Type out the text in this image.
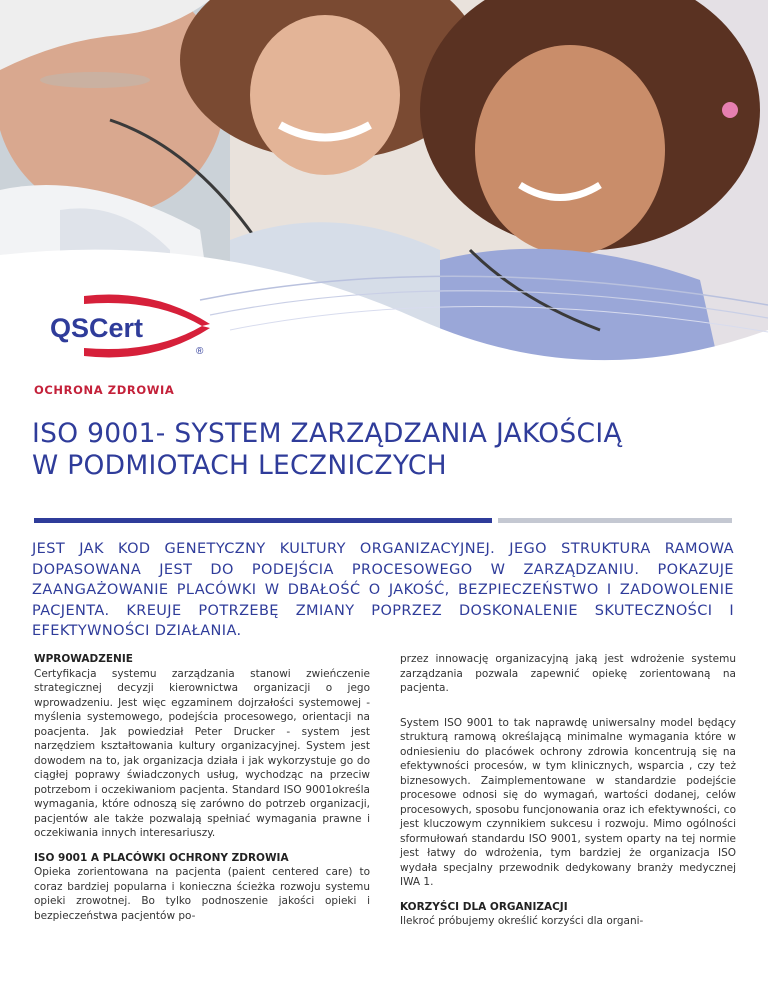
QSCert
®

OCHRONA ZDROWIA

ISO 9001- SYSTEM ZARZĄDZANIA JAKOŚCIĄ
W PODMIOTACH LECZNICZYCH

JEST JAK KOD GENETYCZNY KULTURY ORGANIZACYJNEJ. JEGO STRUKTURA RAMOWA DOPASOWANA JEST DO PODEJŚCIA PROCESOWEGO W ZARZĄDZANIU. POKAZUJE ZAANGAŻOWANIE PLACÓWKI W DBAŁOŚĆ O JAKOŚĆ, BEZPIECZEŃSTWO I ZADOWOLENIE PACJENTA. KREUJE POTRZEBĘ ZMIANY POPRZEZ DOSKONALENIE SKUTECZNOŚCI I EFEKTYWNOŚCI DZIAŁANIA.

WPROWADZENIE

Certyfikacja systemu zarządzania stanowi zwieńczenie strategicznej decyzji kierownictwa organizacji o jego wprowadzeniu. Jest więc egzaminem dojrzałości systemowej - myślenia systemowego, podejścia procesowego, orientacji na poacjenta. Jak powiedział Peter Drucker - system jest narzędziem kształtowania kultury organizacyjnej. System jest dowodem na to, jak organizacja działa i jak wykorzystuje go do ciągłej poprawy świadczonych usług, wychodząc na przeciw potrzebom i oczekiwaniom pacjenta. Standard ISO 9001określa wymagania, które odnoszą się zarówno do potrzeb organizacji, pacjentów ale także pozwalają spełniać wymagania prawne i oczekiwania innych interesariuszy.

ISO 9001 A PLACÓWKI OCHRONY ZDROWIA

Opieka zorientowana na pacjenta (paient centered care) to coraz bardziej popularna i konieczna ścieżka rozwoju systemu opieki zrowotnej. Bo tylko podnoszenie jakości opieki i bezpieczeństwa pacjentów po-

przez innowację organizacyjną jaką jest wdrożenie systemu zarządzania pozwala zapewnić opiekę zorientowaną na pacjenta.

System ISO 9001 to tak naprawdę uniwersalny model będący strukturą ramową określającą minimalne wymagania które w odniesieniu do placówek ochrony zdrowia koncentrują się na efektywności procesów, w tym klinicznych, wsparcia , czy też biznesowych. Zaimplementowane w standardzie podejście procesowe odnosi się do wymagań, wartości dodanej, celów procesowych, sposobu funcjonowania oraz ich efektywności, co jest kluczowym czynnikiem sukcesu i rozwoju. Mimo ogólności sformułowań standardu ISO 9001, system oparty na tej normie jest łatwy do wdrożenia, tym bardziej że organizacja ISO wydała specjalny przewodnik dedykowany branży medycznej IWA 1.

KORZYŚCI DLA ORGANIZACJI

Ilekroć próbujemy określić korzyści dla organi-
